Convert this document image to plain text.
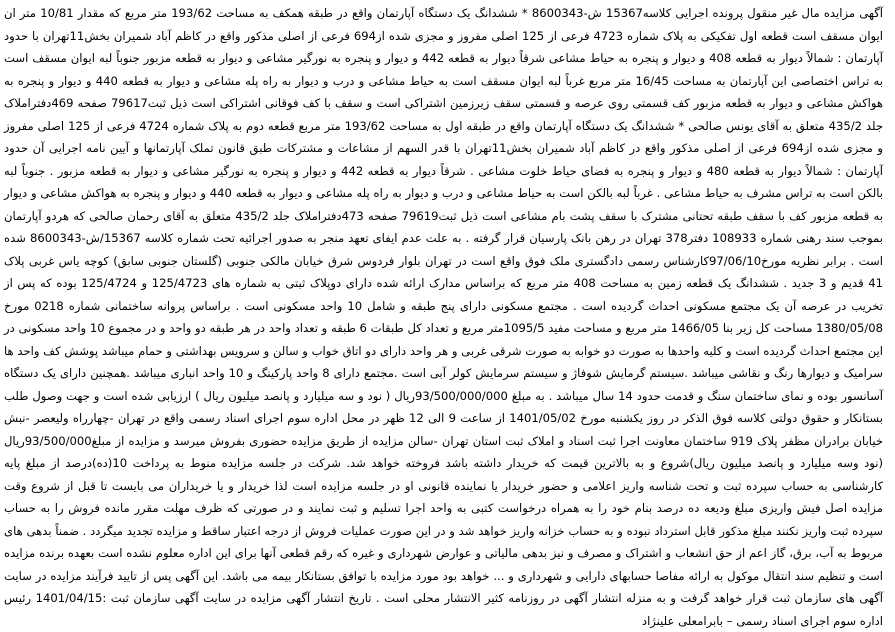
آگهی مزایده مال غیر منقول پرونده اجرایی کلاسه15367 ش-8600343 * ششدانگ یک دستگاه آپارتمان واقع در طبقه همکف به مساحت 193/62 متر مربع که مقدار 10/81 متر ان ایوان مسقف است قطعه اول تفکیکی به پلاک شماره 4723 فرعی از 125 اصلی مفروز و مجزی شده از694 فرعی از اصلی مذکور واقع در کاظم آباد شمیران بخش11تهران با حدود آپارتمان : شمالاً دیوار به قطعه 408 و دیوار و پنجره به حیاط مشاعی شرقاً دیوار به قطعه 442 و دیوار و پنجره به نورگیر مشاعی و دیوار به قطعه مزبور جنوباً لبه ایوان مسقف است به تراس اختصاصی این آپارتمان به مساحت 16/45 متر مربع غرباً لبه ایوان مسقف است به حیاط مشاعی و درب و دیوار به راه پله مشاعی و دیوار به قطعه 440 و دیوار و پنجره به هواکش مشاعی و دیوار به قطعه مزبور کف قسمتی روی عرصه و قسمتی سقف زیرزمین اشتراکی است و سقف با کف فوقانی اشتراکی است ذیل ثبت79617 صفحه 469دفتراملاک جلد 435/2 متعلق به آقای یونس صالحی * ششدانگ یک دستگاه آپارتمان واقع در طبقه اول به مساحت 193/62 متر مربع قطعه دوم به پلاک شماره 4724 فرعی از 125 اصلی مفروز و مجزی شده از694 فرعی از اصلی مذکور واقع در کاظم آباد شمیران بخش11تهران با قدر السهم از مشاعات و مشترکات طبق قانون تملک آپارتمانها و آیین نامه اجرایی آن حدود آپارتمان : شمالاً دیوار به قطعه 480 و دیوار و پنجره به فضای حیاط خلوت مشاعی . شرقاً دیوار به قطعه 442 و دیوار و پنجره به نورگیر مشاعی و دیوار به قطعه مزبور . جنوباً لبه بالکن است به تراس مشرف به حیاط مشاعی . غرباً لبه بالکن است به حیاط مشاعی و درب و دیوار به راه پله مشاعی و دیوار به قطعه 440 و دیوار و پنجره به هواکش مشاعی و دیوار به قطعه مزبور کف با سقف طبقه تحتانی مشترک با سقف پشت بام مشاعی است ذیل ثبت79619 صفحه 473دفتراملاک جلد 435/2 متعلق به آقای رحمان صالحی که هردو آپارتمان بموجب سند رهنی شماره 108933 دفتر378 تهران در رهن بانک پارسیان قرار گرفته . به علت عدم ایفای تعهد منجر به صدور اجرائیه تحت شماره کلاسه 15367/ش-8600343 شده است . برابر نظریه مورخ97/06/10کارشناس رسمی دادگستری ملک فوق واقع است در تهران بلوار فردوس شرق خیابان مالکی جنوبی (گلستان جنوبی سابق) کوچه یاس غربی پلاک 41 قدیم و 3 جدید . ششدانگ یک قطعه زمین به مساحت 408 متر مربع که براساس مدارک ارائه شده دارای دوپلاک ثبتی به شماره های 125/4723 و 125/4724 بوده که پس از تخریب در عرصه آن یک مجتمع مسکونی احداث گردیده است . مجتمع مسکونی دارای پنج طبقه و شامل 10 واحد مسکونی است . براساس پروانه ساختمانی شماره 0218 مورخ 1380/05/08 مساحت کل زیر بنا 1466/05 متر مربع و مساحت مفید 1095/5متر مربع و تعداد کل طبقات 6 طبقه و تعداد واحد در هر طبقه دو واحد و در مجموع 10 واحد مسکونی در این مجتمع احداث گردیده است و کلیه واحدها به صورت دو خوابه به صورت شرقی غربی و هر واحد دارای دو اتاق خواب و سالن و سرویس بهداشتی و حمام میباشد پوشش کف واحد ها سرامیک و دیوارها رنگ و نقاشی میباشد .سیستم گرمایش شوفاژ و سیستم سرمایش کولر آبی است .مجتمع دارای 8 واحد پارکینگ و 10 واحد انباری میباشد .همچنین دارای یک دستگاه آسانسور بوده و نمای ساختمان سنگ و قدمت حدود 14 سال میباشد . به مبلغ 93/500/000/000ریال ( نود و سه میلیارد و پانصد میلیون ریال ) ارزیابی شده است و جهت وصول طلب بستانکار و حقوق دولتی کلاسه فوق الذکر در روز یکشنبه مورخ 1401/05/02 از ساعت 9 الی 12 ظهر در محل اداره سوم اجرای اسناد رسمی واقع در تهران -چهارراه ولیعصر -نبش خیابان برادران مظفر پلاک 919 ساختمان معاونت اجرا ثبت اسناد و املاک ثبت استان تهران -سالن مزایده از طریق مزایده حضوری بفروش میرسد و مزایده از مبلغ93/500/000ریال (نود وسه میلیارد و پانصد میلیون ریال)شروع و به بالاترین قیمت که خریدار داشته باشد فروخته خواهد شد. شرکت در جلسه مزایده منوط به پرداخت 10(ده)درصد از مبلغ پایه کارشناسی به حساب سپرده ثبت و تحت شناسه واریز اعلامی و حضور خریدار یا نماینده قانونی او در جلسه مزایده است لذا خریدار و یا خریداران می بایست تا قبل از شروع وقت مزایده اصل فیش واریزی مبلغ ودیعه ده درصد بنام خود را به همراه درخواست کتبی به واحد اجرا تسلیم و ثبت نمایند و در صورتی که ظرف مهلت مقرر مانده فروش را به حساب سپرده ثبت واریز نکنند مبلغ مذکور قابل استرداد نبوده و به حساب خزانه واریز خواهد شد و در این صورت عملیات فروش از درجه اعتبار ساقط و مزایده تجدید میگردد . ضمناً بدهی های مربوط به آب، برق، گاز اعم از حق انشعاب و اشتراک و مصرف و نیز بدهی مالیاتی و عوارض شهرداری و غیره که رقم قطعی آنها برای این اداره معلوم نشده است بعهده برنده مزایده است و تنظیم سند انتقال موکول به ارائه مفاصا حسابهای دارایی و شهرداری و ... خواهد بود مورد مزایده با توافق بستانکار بیمه می باشد. این آگهی پس از تایید فرآیند مزایده در سایت آگهی های سازمان ثبت قرار خواهد گرفت و به منزله انتشار آگهی در روزنامه کثیر الانتشار محلی است . تاریخ انتشار آگهی مزایده در سایت آگهی سازمان ثبت :1401/04/15 رئیس اداره سوم اجرای اسناد رسمی – بابرامعلی علینژاد
